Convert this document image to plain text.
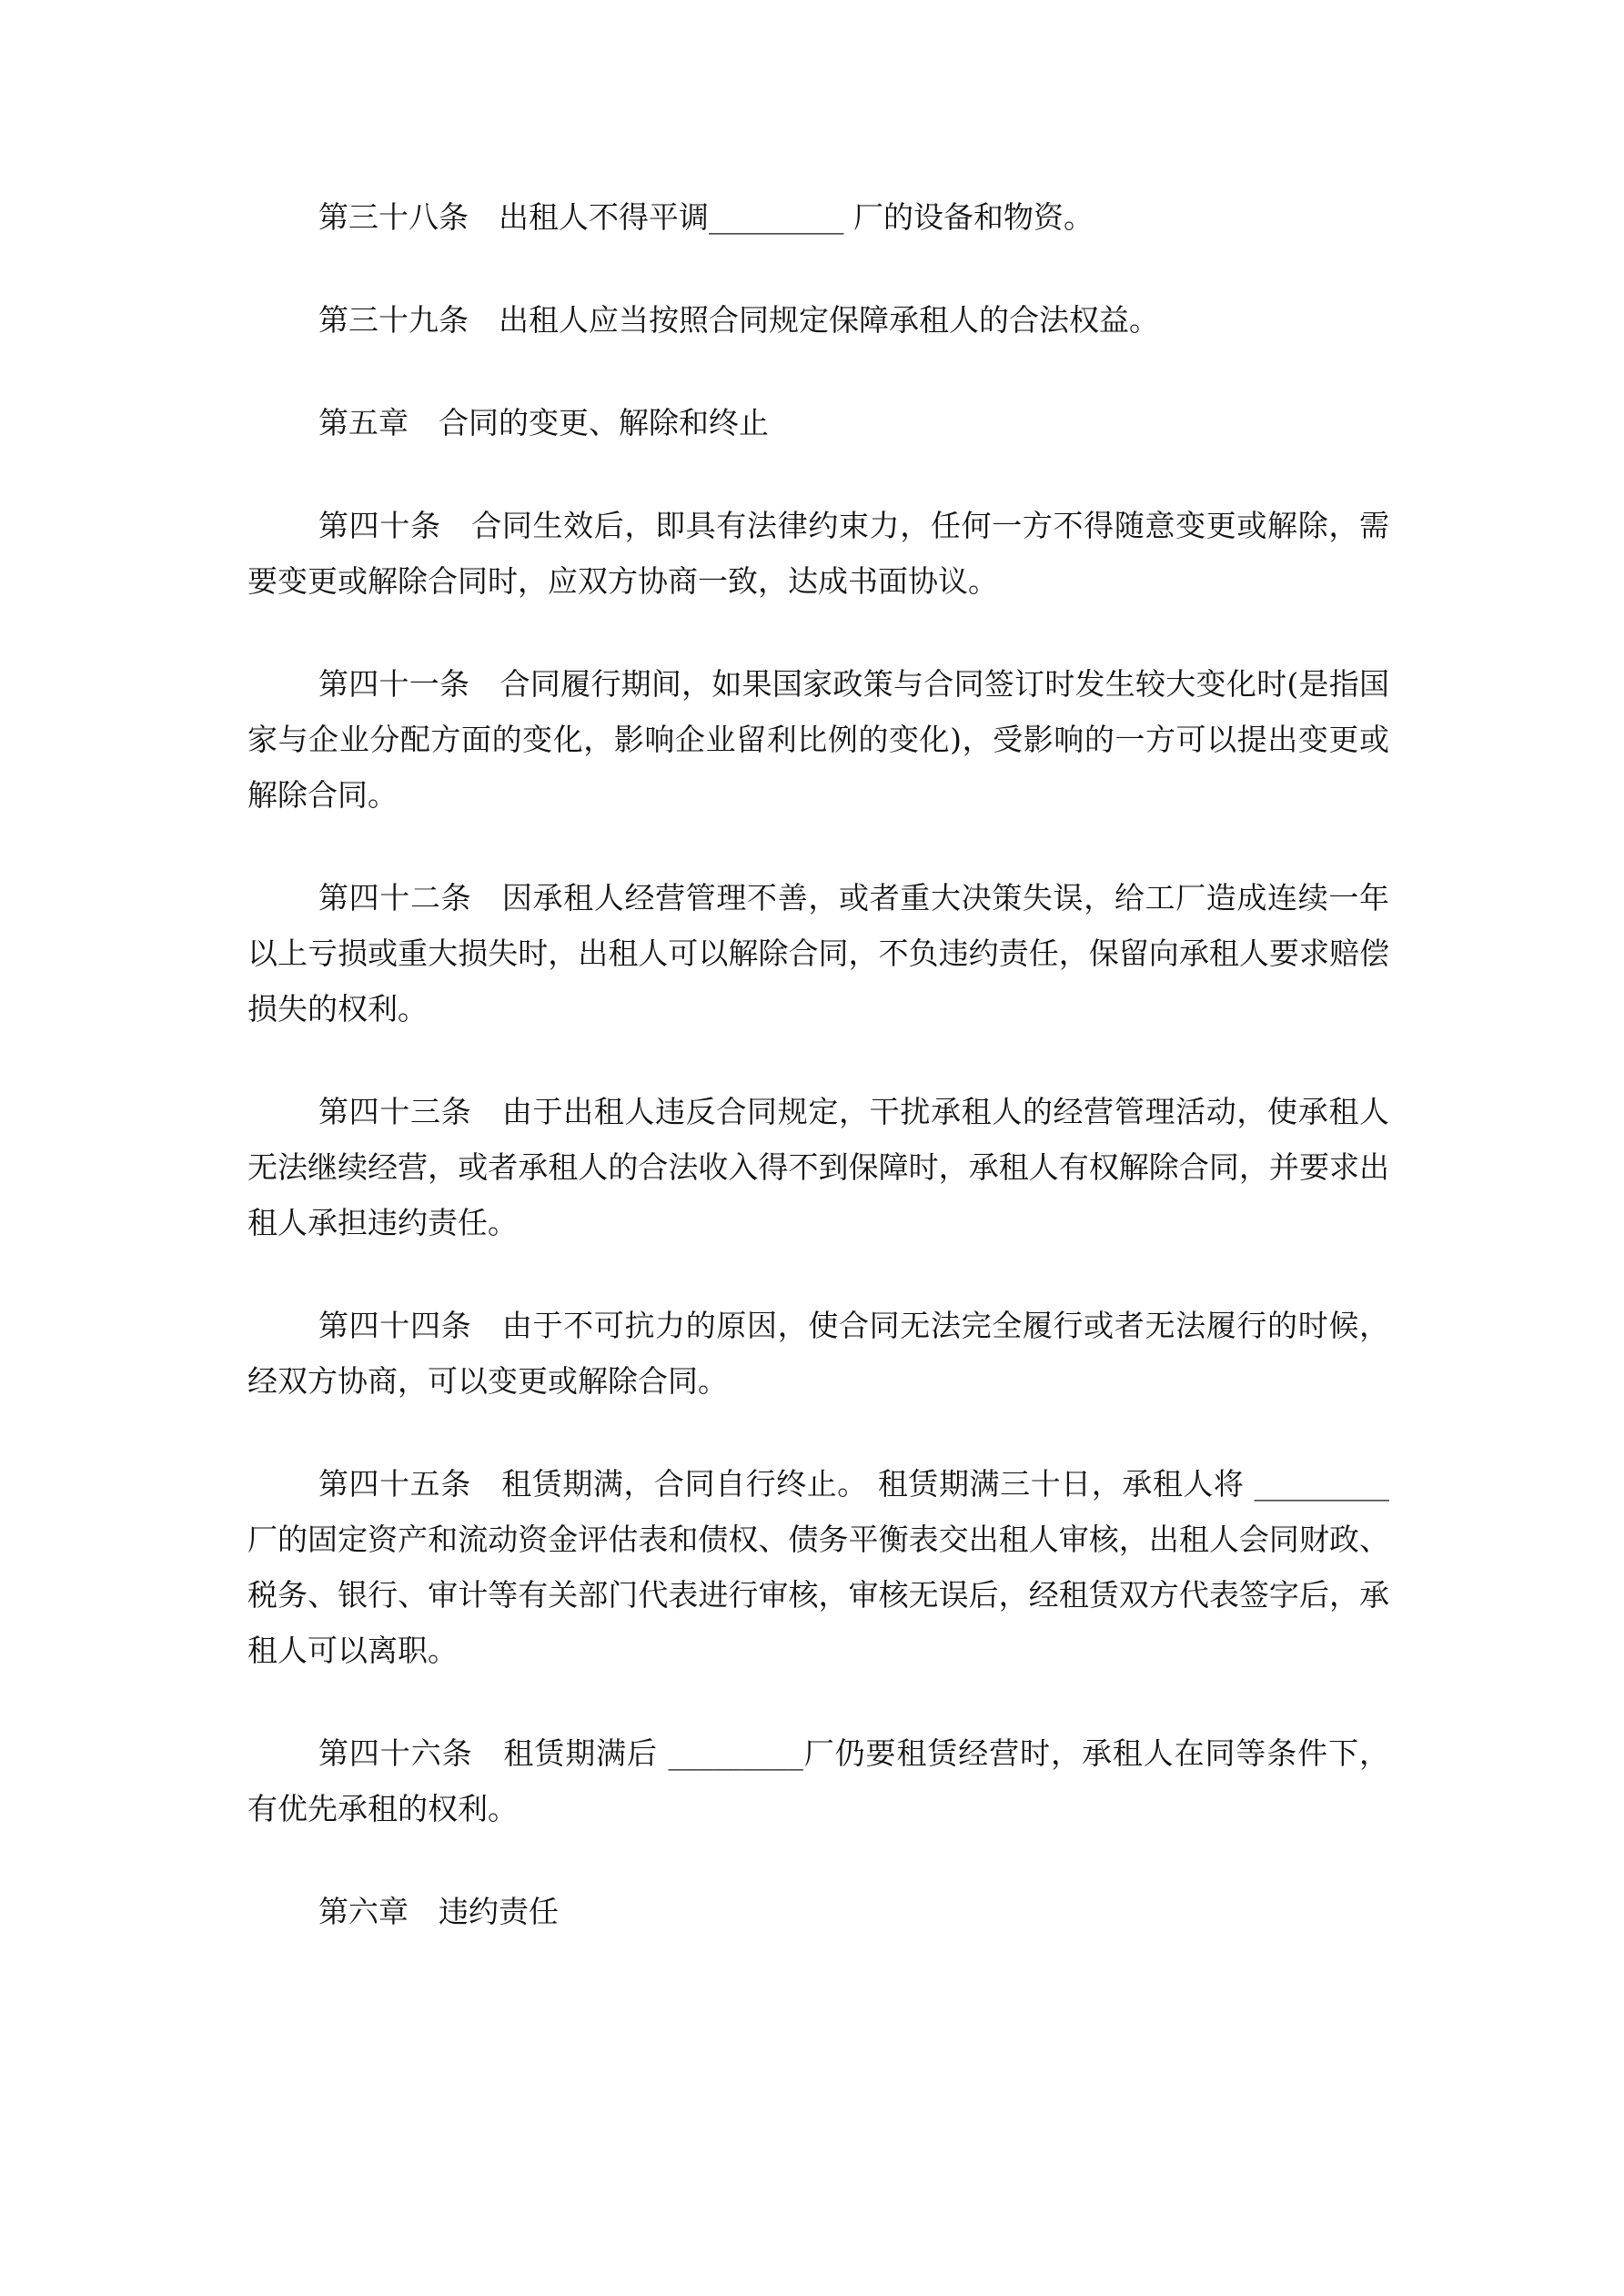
第三十八条　出租人不得平调_________ 厂的设备和物资。

第三十九条　出租人应当按照合同规定保障承租人的合法权益。

第五章　合同的变更、解除和终止

第四十条　合同生效后，即具有法律约束力，任何一方不得随意变更或解除，需要变更或解除合同时，应双方协商一致，达成书面协议。

第四十一条　合同履行期间，如果国家政策与合同签订时发生较大变化时(是指国家与企业分配方面的变化，影响企业留利比例的变化)，受影响的一方可以提出变更或解除合同。

第四十二条　因承租人经营管理不善，或者重大决策失误，给工厂造成连续一年以上亏损或重大损失时，出租人可以解除合同，不负违约责任，保留向承租人要求赔偿损失的权利。

第四十三条　由于出租人违反合同规定，干扰承租人的经营管理活动，使承租人无法继续经营，或者承租人的合法收入得不到保障时，承租人有权解除合同，并要求出租人承担违约责任。

第四十四条　由于不可抗力的原因，使合同无法完全履行或者无法履行的时候，经双方协商，可以变更或解除合同。

第四十五条　租赁期满，合同自行终止。 租赁期满三十日，承租人将 _________厂的固定资产和流动资金评估表和债权、债务平衡表交出租人审核，出租人会同财政、税务、银行、审计等有关部门代表进行审核，审核无误后，经租赁双方代表签字后，承租人可以离职。

第四十六条　租赁期满后 _________厂仍要租赁经营时，承租人在同等条件下，有优先承租的权利。

第六章　违约责任
